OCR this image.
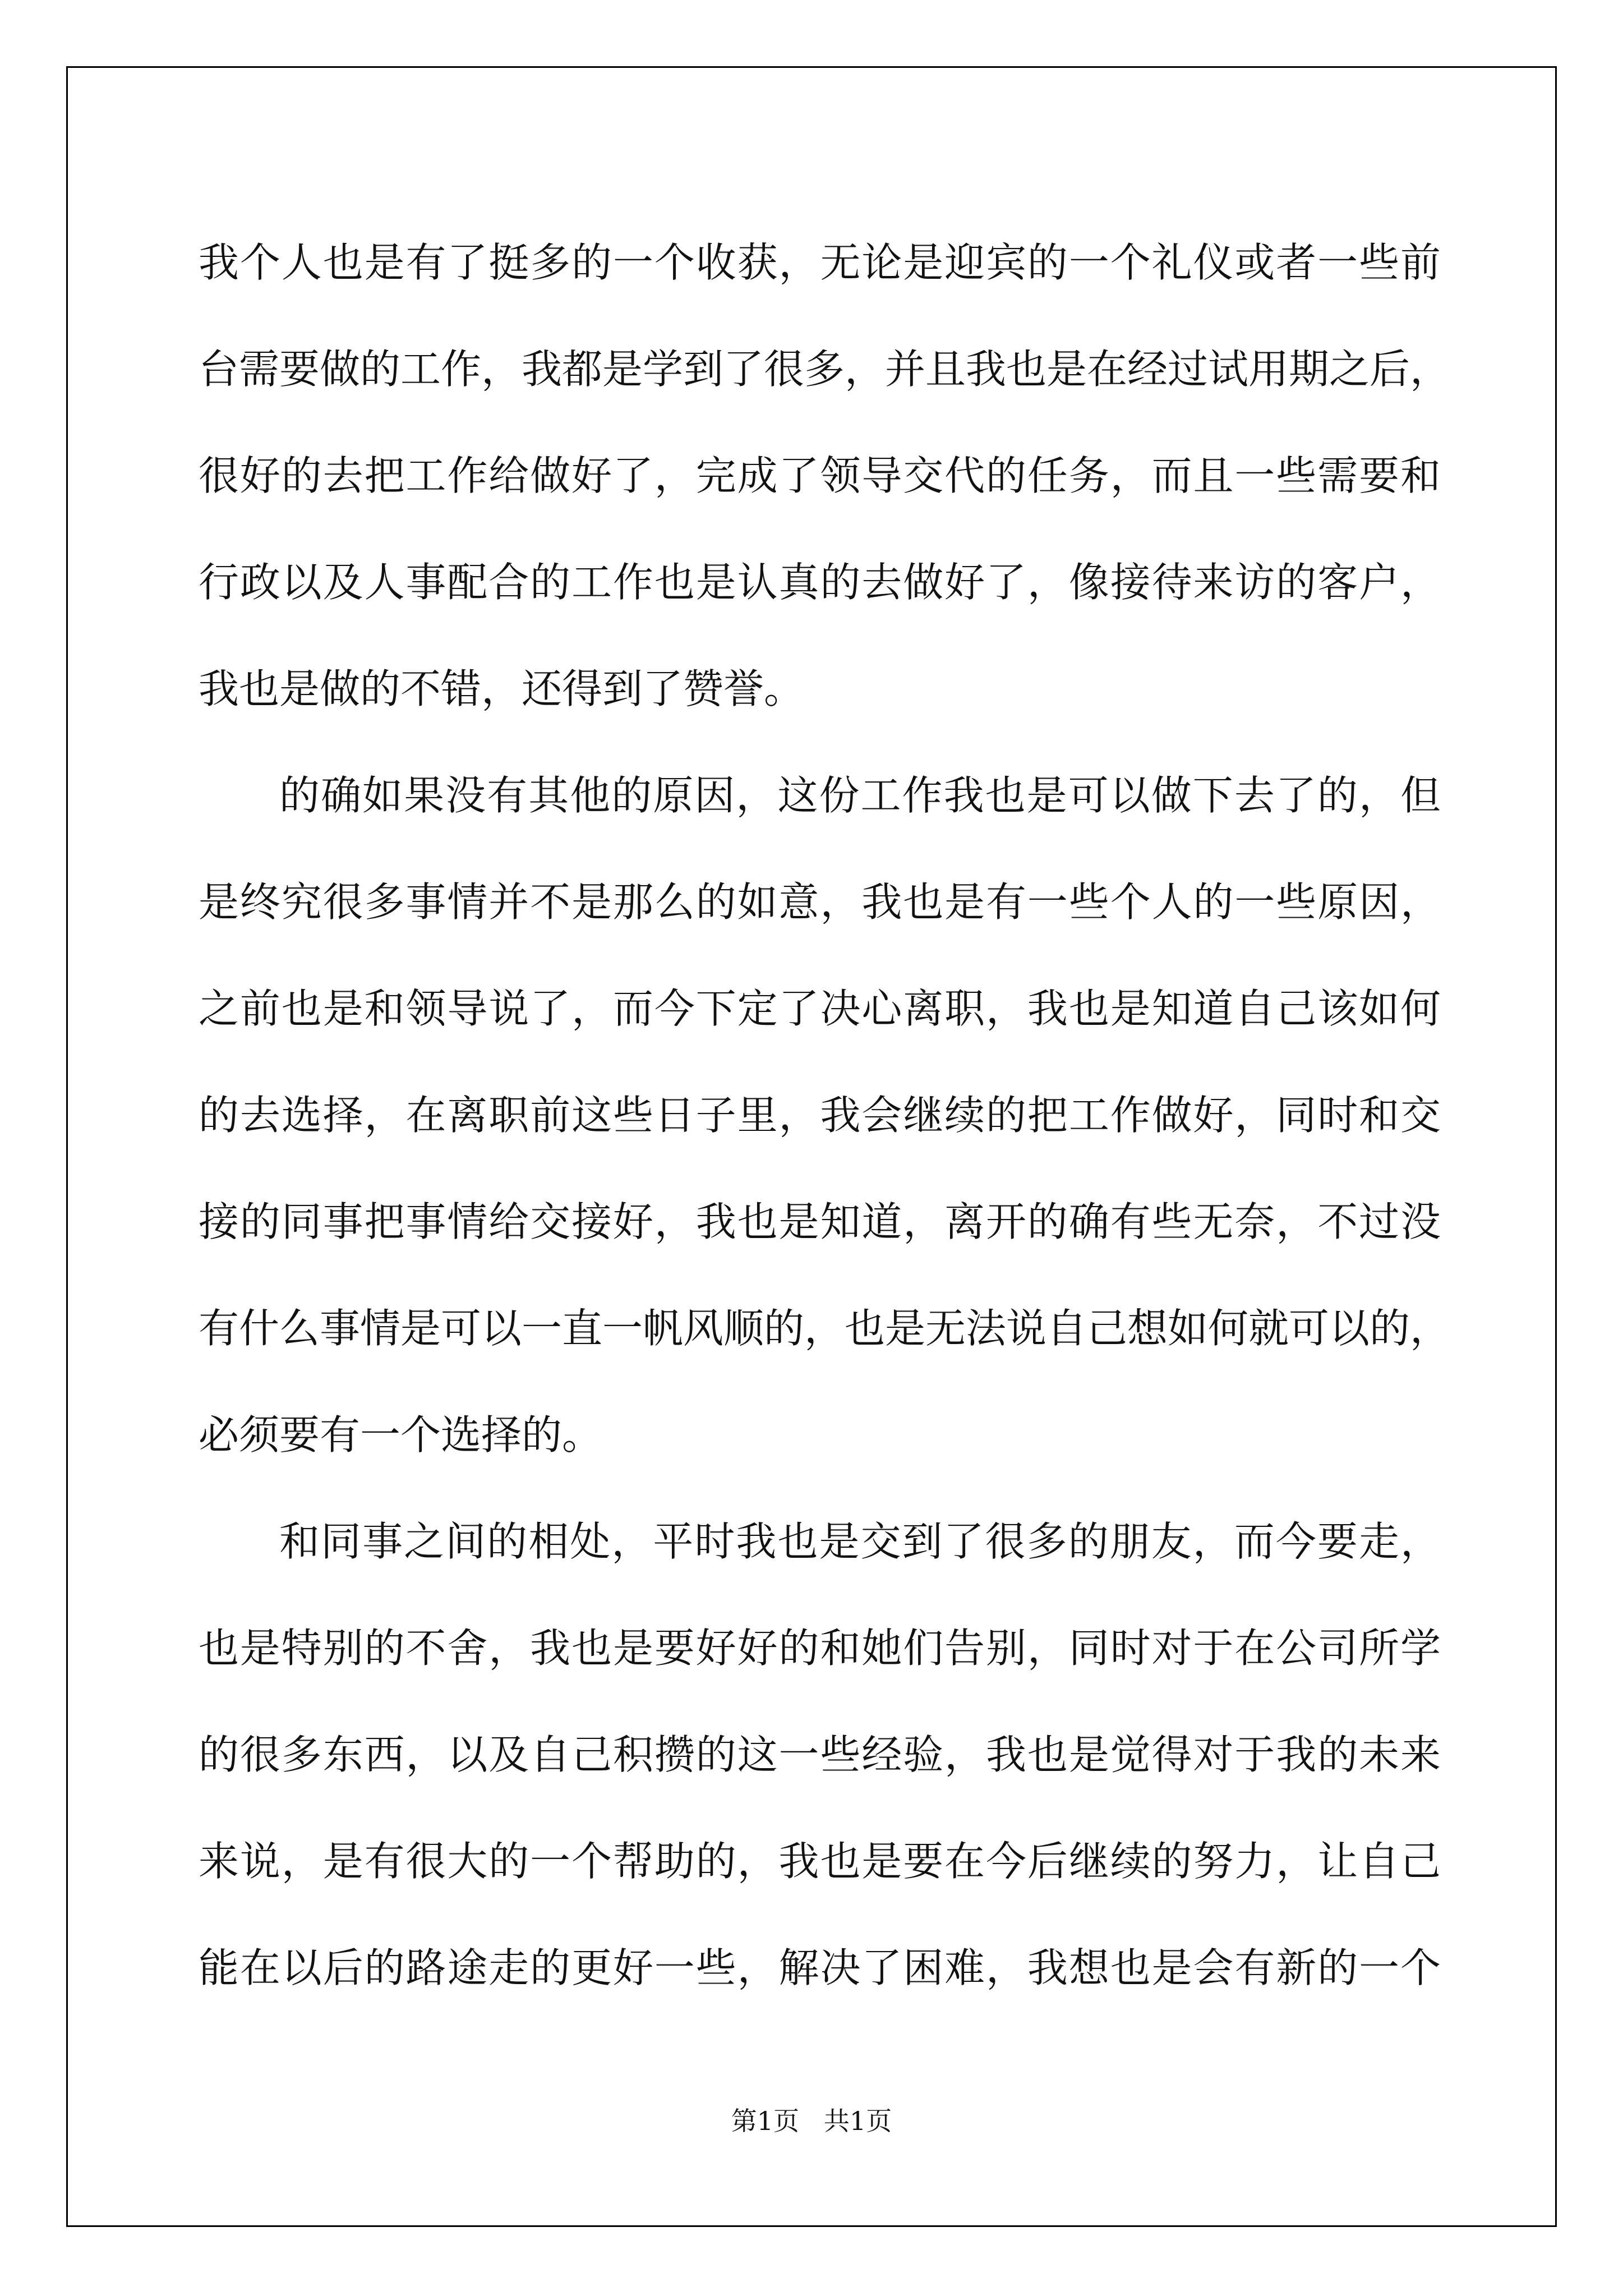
我个人也是有了挺多的一个收获，无论是迎宾的一个礼仪或者一些前
台需要做的工作，我都是学到了很多，并且我也是在经过试用期之后，
很好的去把工作给做好了，完成了领导交代的任务，而且一些需要和
行政以及人事配合的工作也是认真的去做好了，像接待来访的客户，
我也是做的不错，还得到了赞誉。
的确如果没有其他的原因，这份工作我也是可以做下去了的，但
是终究很多事情并不是那么的如意，我也是有一些个人的一些原因，
之前也是和领导说了，而今下定了决心离职，我也是知道自己该如何
的去选择，在离职前这些日子里，我会继续的把工作做好，同时和交
接的同事把事情给交接好，我也是知道，离开的确有些无奈，不过没
有什么事情是可以一直一帆风顺的，也是无法说自己想如何就可以的，
必须要有一个选择的。
和同事之间的相处，平时我也是交到了很多的朋友，而今要走，
也是特别的不舍，我也是要好好的和她们告别，同时对于在公司所学
的很多东西，以及自己积攒的这一些经验，我也是觉得对于我的未来
来说，是有很大的一个帮助的，我也是要在今后继续的努力，让自己
能在以后的路途走的更好一些，解决了困难，我想也是会有新的一个
第1页   共1页
